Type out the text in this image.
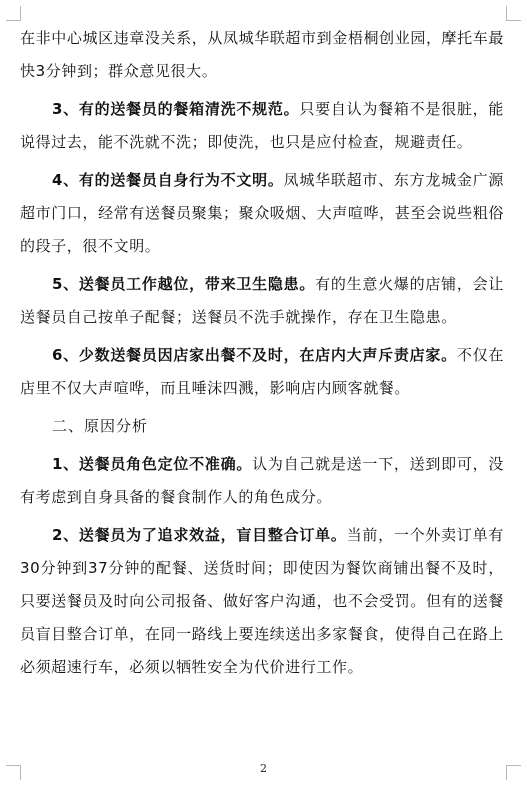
在非中心城区违章没关系，从凤城华联超市到金梧桐创业园，摩托车最快3分钟到；群众意见很大。

3、有的送餐员的餐箱清洗不规范。只要自认为餐箱不是很脏，能说得过去，能不洗就不洗；即使洗，也只是应付检查，规避责任。

4、有的送餐员自身行为不文明。凤城华联超市、东方龙城金广源超市门口，经常有送餐员聚集；聚众吸烟、大声喧哗，甚至会说些粗俗的段子，很不文明。

5、送餐员工作越位，带来卫生隐患。有的生意火爆的店铺，会让送餐员自己按单子配餐；送餐员不洗手就操作，存在卫生隐患。

6、少数送餐员因店家出餐不及时，在店内大声斥责店家。不仅在店里不仅大声喧哗，而且唾沫四溅，影响店内顾客就餐。

二、原因分析

1、送餐员角色定位不准确。认为自己就是送一下，送到即可，没有考虑到自身具备的餐食制作人的角色成分。

2、送餐员为了追求效益，盲目整合订单。当前，一个外卖订单有30分钟到37分钟的配餐、送货时间；即使因为餐饮商铺出餐不及时，只要送餐员及时向公司报备、做好客户沟通，也不会受罚。但有的送餐员盲目整合订单，在同一路线上要连续送出多家餐食，使得自己在路上必须超速行车，必须以牺牲安全为代价进行工作。

2
